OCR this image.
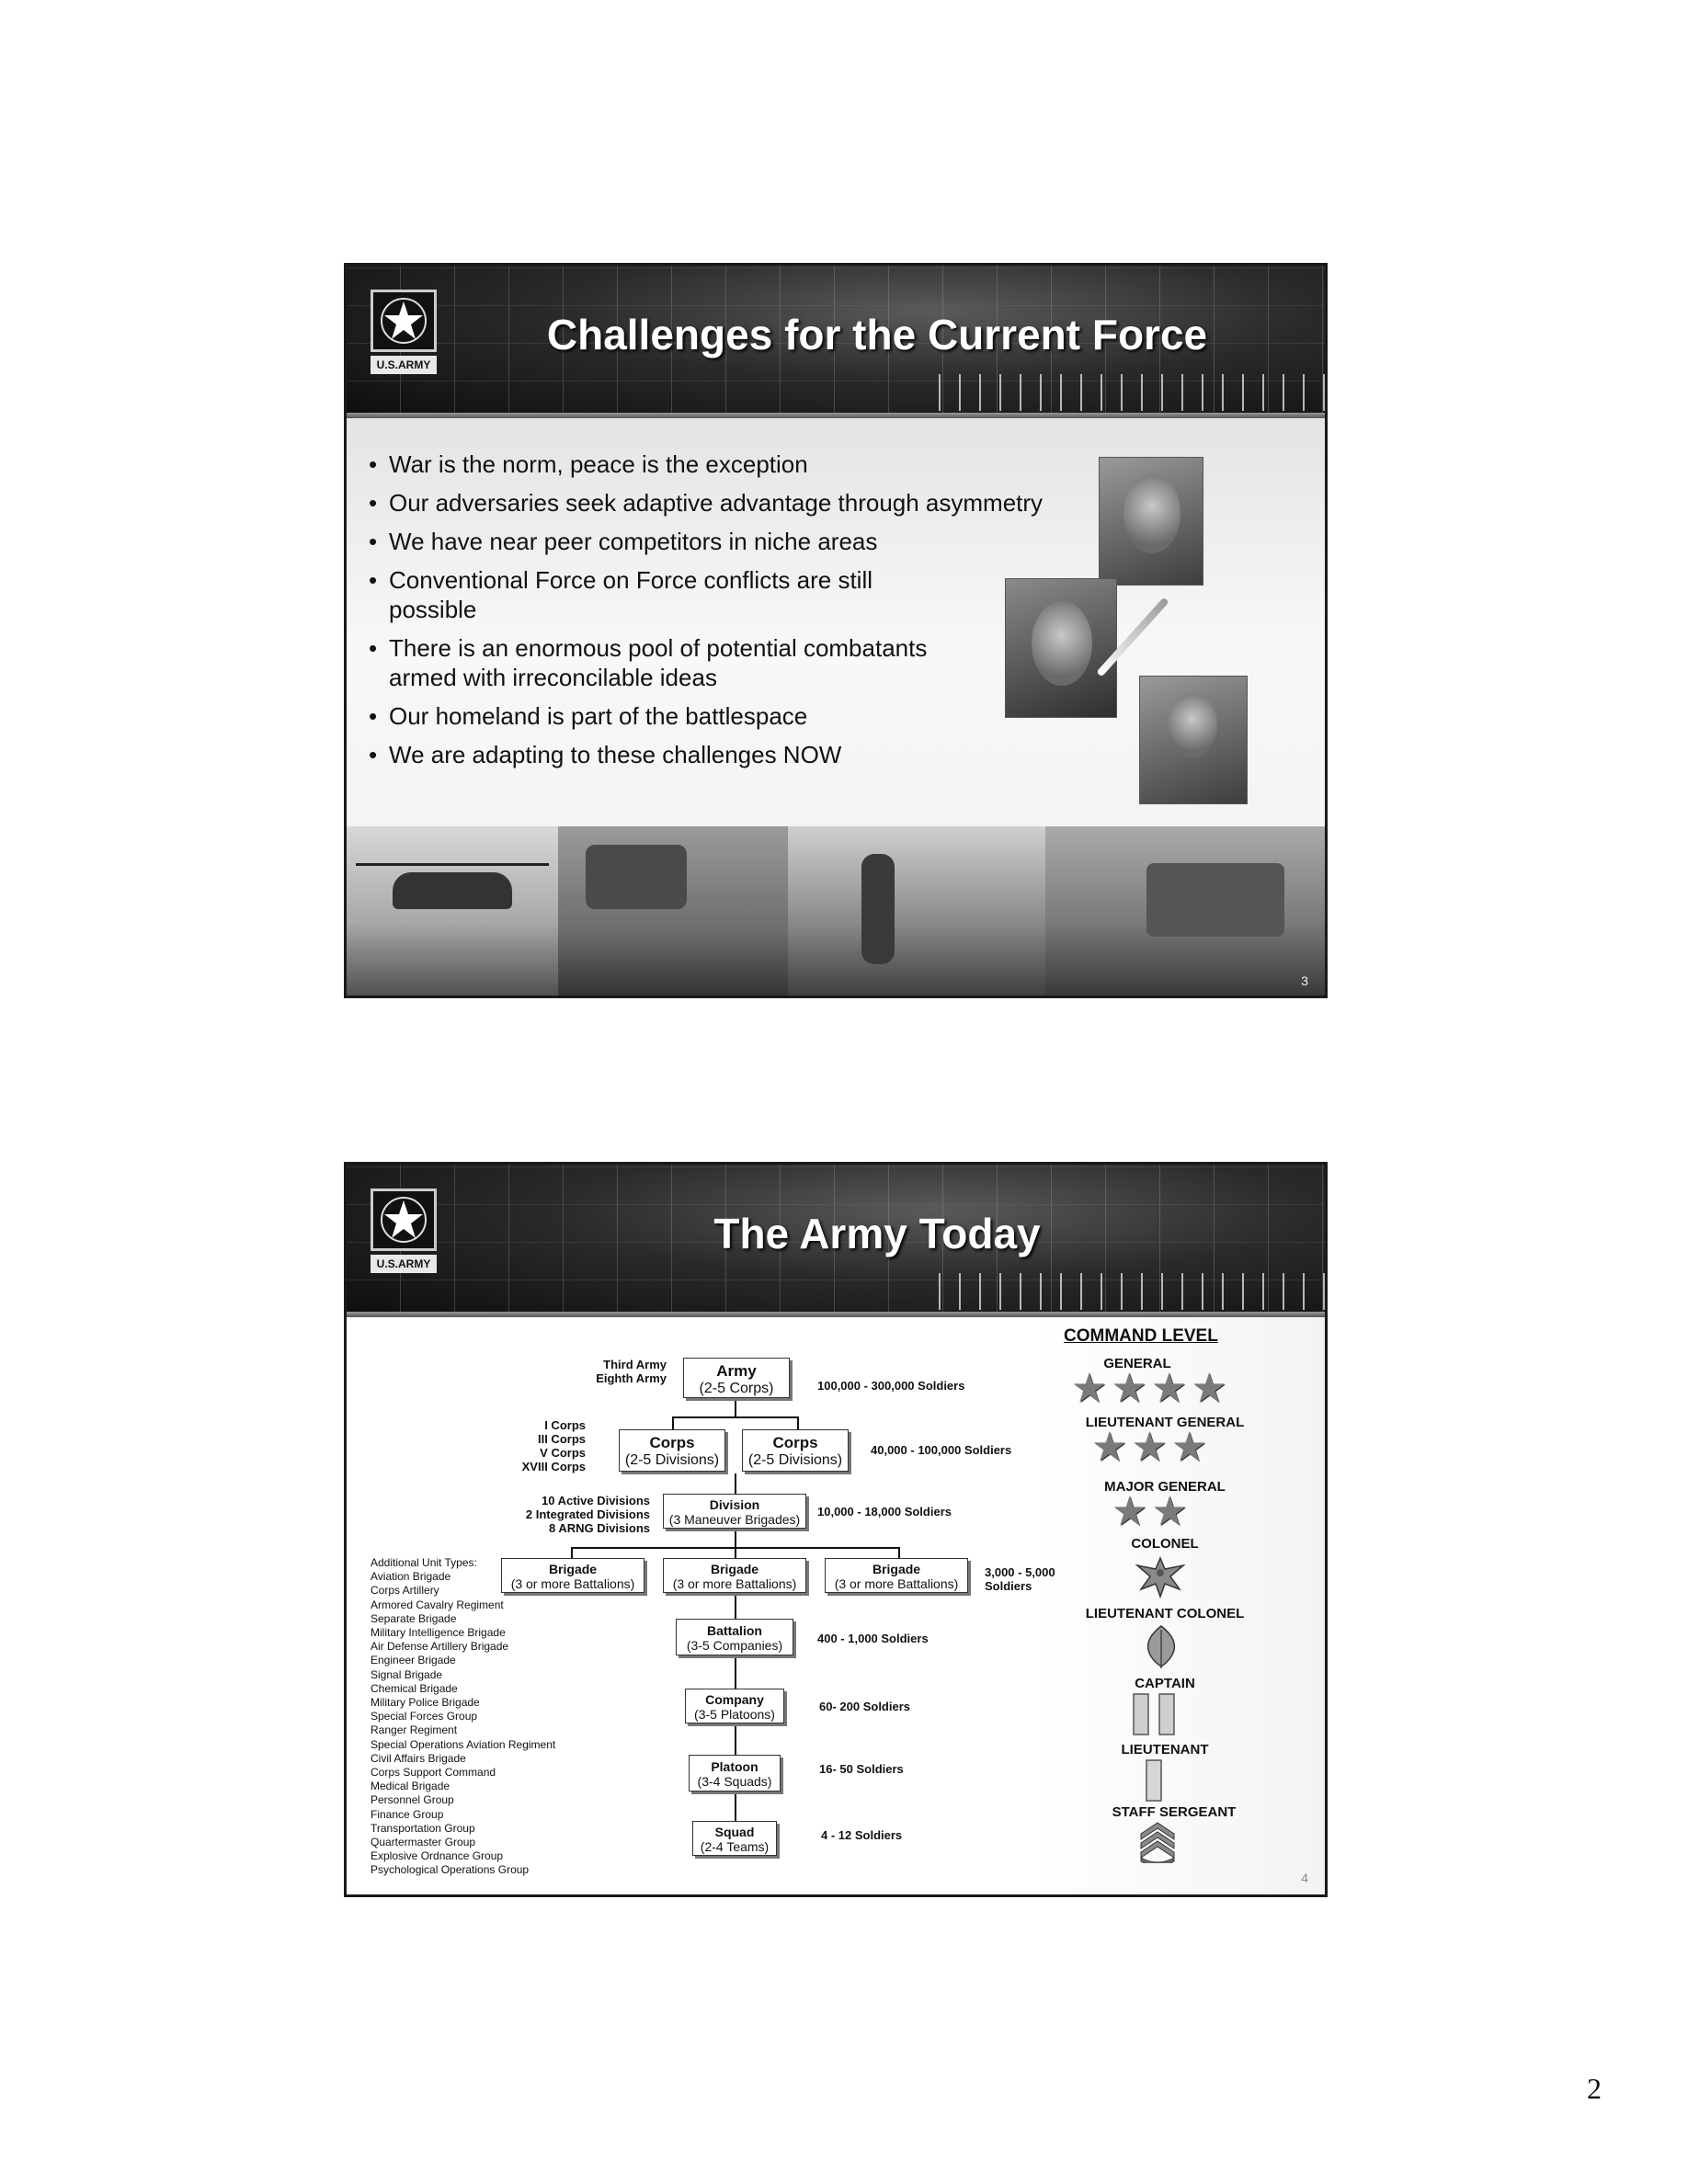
U.S.ARMY
Challenges for the Current Force
• War is the norm, peace is the exception
• Our adversaries seek adaptive advantage through asymmetry
• We have near peer competitors in niche areas
• Conventional Force on Force conflicts are still possible
• There is an enormous pool of potential combatants armed with irreconcilable ideas
• Our homeland is part of the battlespace
• We are adapting to these challenges NOW
3
U.S.ARMY
The Army Today
Third Army
Eighth Army	Army
(2-5 Corps)	100,000 - 300,000 Soldiers
I Corps
III Corps
V Corps
XVIII Corps
Corps
(2-5 Divisions)
Corps
(2-5 Divisions)
40,000 - 100,000 Soldiers
10 Active Divisions
2 Integrated Divisions
8 ARNG Divisions
Division
(3 Maneuver Brigades)
10,000 - 18,000 Soldiers
Brigade
(3 or more Battalions)
Brigade
(3 or more Battalions)
Brigade
(3 or more Battalions)
3,000 - 5,000
Soldiers
Battalion
(3-5 Companies)	400 - 1,000 Soldiers
Company
(3-5 Platoons)
60- 200 Soldiers
Platoon
(3-4 Squads)
16- 50 Soldiers
Squad
(2-4 Teams)
4 - 12 Soldiers
Additional Unit Types:
Aviation Brigade
Corps Artillery
Armored Cavalry Regiment
Separate Brigade
Military Intelligence Brigade
Air Defense Artillery Brigade
Engineer Brigade
Signal Brigade
Chemical Brigade
Military Police Brigade
Special Forces Group
Ranger Regiment
Special Operations Aviation Regiment
Civil Affairs Brigade
Corps Support Command
Medical Brigade
Personnel Group
Finance Group
Transportation Group
Quartermaster Group
Explosive Ordnance Group
Psychological Operations Group
COMMAND LEVEL
GENERAL
★ ★ ★ ★
LIEUTENANT GENERAL
★ ★ ★
MAJOR GENERAL
★ ★
COLONEL
LIEUTENANT COLONEL
CAPTAIN
LIEUTENANT
STAFF SERGEANT
4
2
